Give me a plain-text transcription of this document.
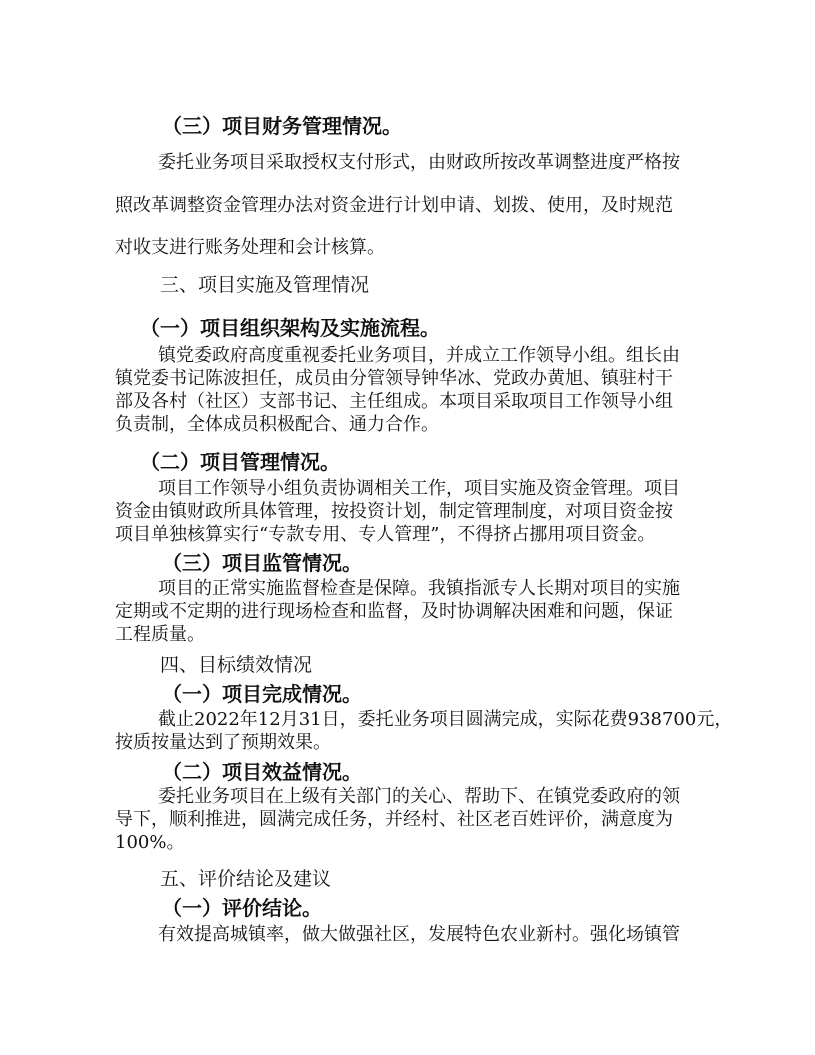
（三）项目财务管理情况。
委托业务项目采取授权支付形式，由财政所按改革调整进度严格按
照改革调整资金管理办法对资金进行计划申请、划拨、使用，及时规范
对收支进行账务处理和会计核算。
三、项目实施及管理情况
（一）项目组织架构及实施流程。
镇党委政府高度重视委托业务项目，并成立工作领导小组。组长由
镇党委书记陈波担任，成员由分管领导钟华冰、党政办黄旭、镇驻村干
部及各村（社区）支部书记、主任组成。本项目采取项目工作领导小组
负责制，全体成员积极配合、通力合作。
（二）项目管理情况。
项目工作领导小组负责协调相关工作，项目实施及资金管理。项目
资金由镇财政所具体管理，按投资计划，制定管理制度，对项目资金按
项目单独核算实行“专款专用、专人管理”，不得挤占挪用项目资金。
（三）项目监管情况。
项目的正常实施监督检查是保障。我镇指派专人长期对项目的实施
定期或不定期的进行现场检查和监督，及时协调解决困难和问题，保证
工程质量。
四、目标绩效情况
（一）项目完成情况。
截止2022年12月31日，委托业务项目圆满完成，实际花费938700元，
按质按量达到了预期效果。
（二）项目效益情况。
委托业务项目在上级有关部门的关心、帮助下、在镇党委政府的领
导下，顺利推进，圆满完成任务，并经村、社区老百姓评价，满意度为
100%。
五、评价结论及建议
（一）评价结论。
有效提高城镇率，做大做强社区，发展特色农业新村。强化场镇管
